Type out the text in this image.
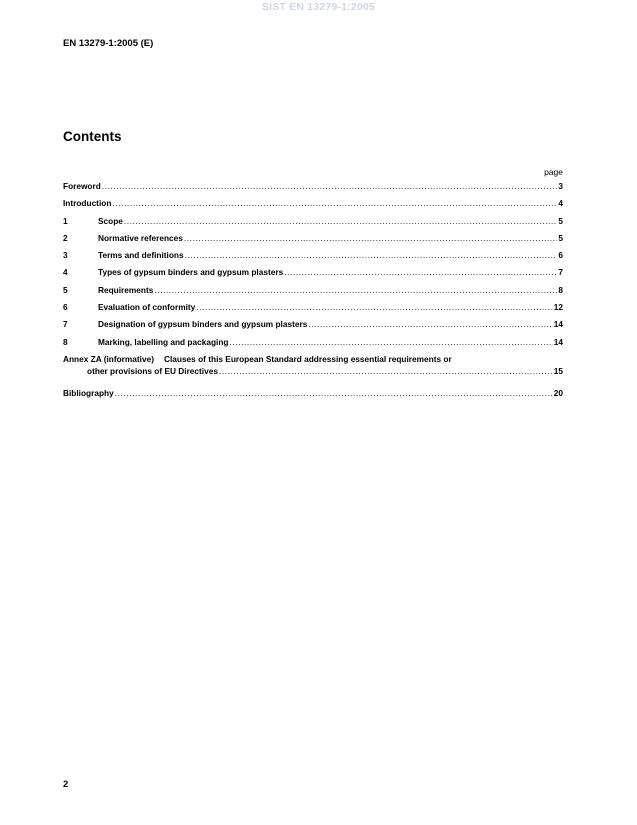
SIST EN 13279-1:2005
EN 13279-1:2005 (E)
Contents
page
Foreword .....	3
Introduction .....	4
1	Scope .....	5
2	Normative references .....	5
3	Terms and definitions .....	6
4	Types of gypsum binders and gypsum plasters .....	7
5	Requirements .....	8
6	Evaluation of conformity .....	12
7	Designation of gypsum binders and gypsum plasters .....	14
8	Marking, labelling and packaging .....	14
Annex ZA (informative) Clauses of this European Standard addressing essential requirements or
other provisions of EU Directives .....	15
Bibliography .....	20
2
